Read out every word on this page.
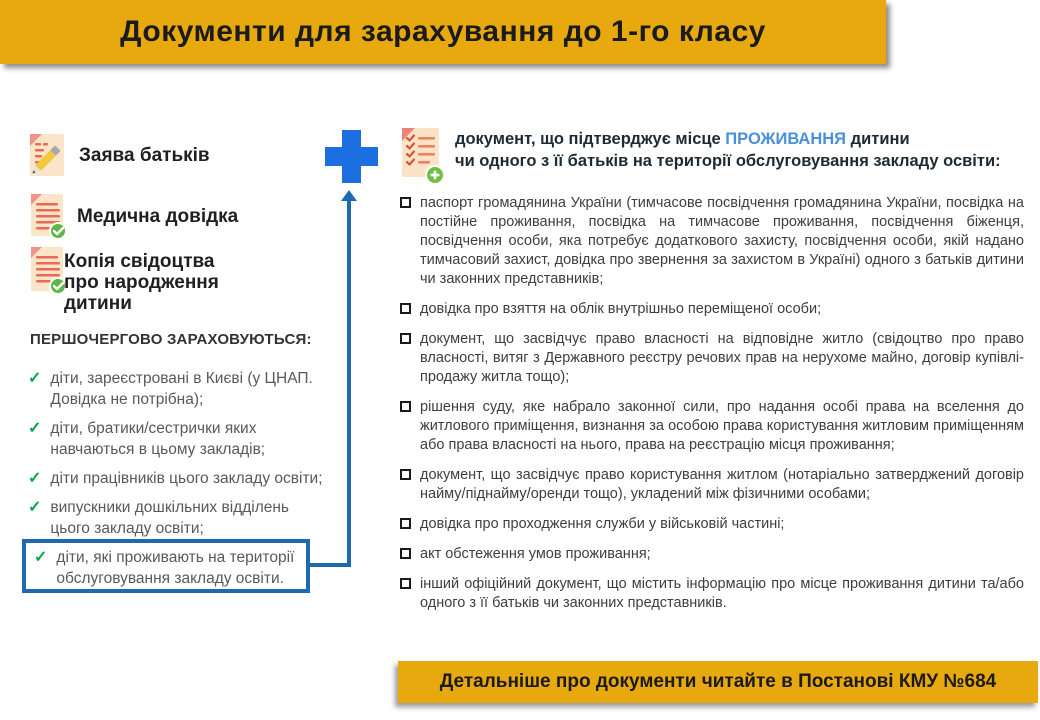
Документи для зарахування до 1-го класу
Заява батьків
Медична довідка
Копія свідоцтва про народження дитини
ПЕРШОЧЕРГОВО ЗАРАХОВУЮТЬСЯ:
✓ діти, зареєстровані в Києві (у ЦНАП. Довідка не потрібна);

✓ діти, братики/сестрички яких навчаються в цьому закладів;

✓ діти працівників цього закладу освіти;

✓ випускники дошкільних відділень цього закладу освіти;

✓ діти, які проживають на території обслуговування закладу освіти.

документ, що підтверджує місце ПРОЖИВАННЯ дитини
чи одного з її батьків на території обслуговування закладу освіти:

паспорт громадянина України (тимчасове посвідчення громадянина України, посвідка на постійне проживання, посвідка на тимчасове проживання, посвідчення біженця, посвідчення особи, яка потребує додаткового захисту, посвідчення особи, якій надано тимчасовий захист, довідка про звернення за захистом в Україні) одного з батьків дитини чи законних представників;

довідка про взяття на облік внутрішньо переміщеної особи;

документ, що засвідчує право власності на відповідне житло (свідоцтво про право власності, витяг з Державного реєстру речових прав на нерухоме майно, договір купівлі-продажу житла тощо);

рішення суду, яке набрало законної сили, про надання особі права на вселення до житлового приміщення, визнання за особою права користування житловим приміщенням або права власності на нього, права на реєстрацію місця проживання;

документ, що засвідчує право користування житлом (нотаріально затверджений договір найму/піднайму/оренди тощо), укладений між фізичними особами;

довідка про проходження служби у військовій частині;

акт обстеження умов проживання;

інший офіційний документ, що містить інформацію про місце проживання дитини та/або одного з її батьків чи законних представників.

Детальніше про документи читайте в Постанові КМУ №684
